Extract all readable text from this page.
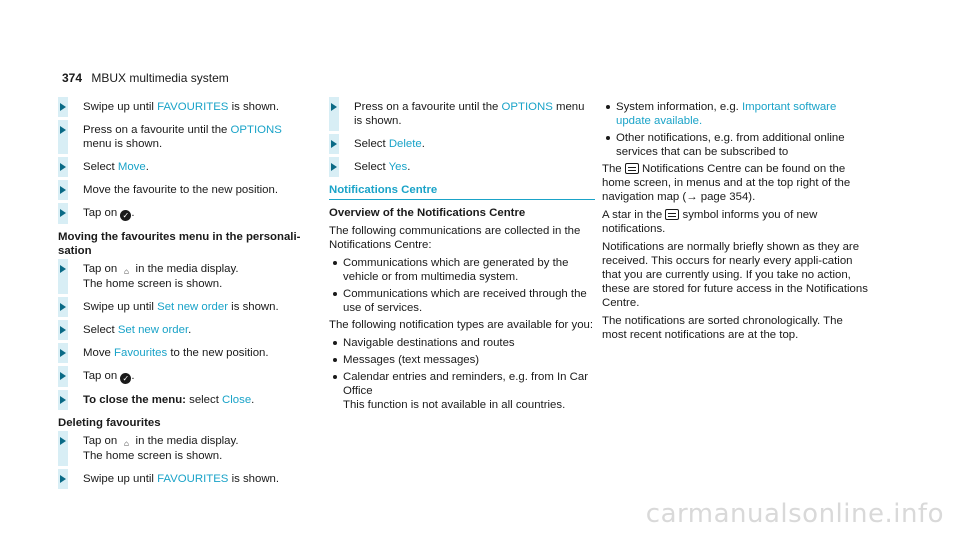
374 MBUX multimedia system
Swipe up until FAVOURITES is shown.
Press on a favourite until the OPTIONS menu is shown.
Select Move.
Move the favourite to the new position.
Tap on ✓ .
Moving the favourites menu in the personali-sation
Tap on ⌂ in the media display.
The home screen is shown.
Swipe up until Set new order is shown.
Select Set new order.
Move Favourites to the new position.
Tap on ✓ .
To close the menu: select Close.
Deleting favourites
Tap on ⌂ in the media display.
The home screen is shown.
Swipe up until FAVOURITES is shown.
Press on a favourite until the OPTIONS menu is shown.
Select Delete.
Select Yes.
Notifications Centre
Overview of the Notifications Centre
The following communications are collected in the Notifications Centre:
Communications which are generated by the vehicle or from multimedia system.
Communications which are received through the use of services.
The following notification types are available for you:
Navigable destinations and routes
Messages (text messages)
Calendar entries and reminders, e.g. from In Car Office
This function is not available in all countries.
System information, e.g. Important software update available.
Other notifications, e.g. from additional online services that can be subscribed to
The  Notifications Centre can be found on the home screen, in menus and at the top right of the navigation map (→ page 354).
A star in the  symbol informs you of new notifications.
Notifications are normally briefly shown as they are received. This occurs for nearly every appli-cation that you are currently using. If you take no action, these are stored for future access in the Notifications Centre.
The notifications are sorted chronologically. The most recent notifications are at the top.
carmanualsonline.info
